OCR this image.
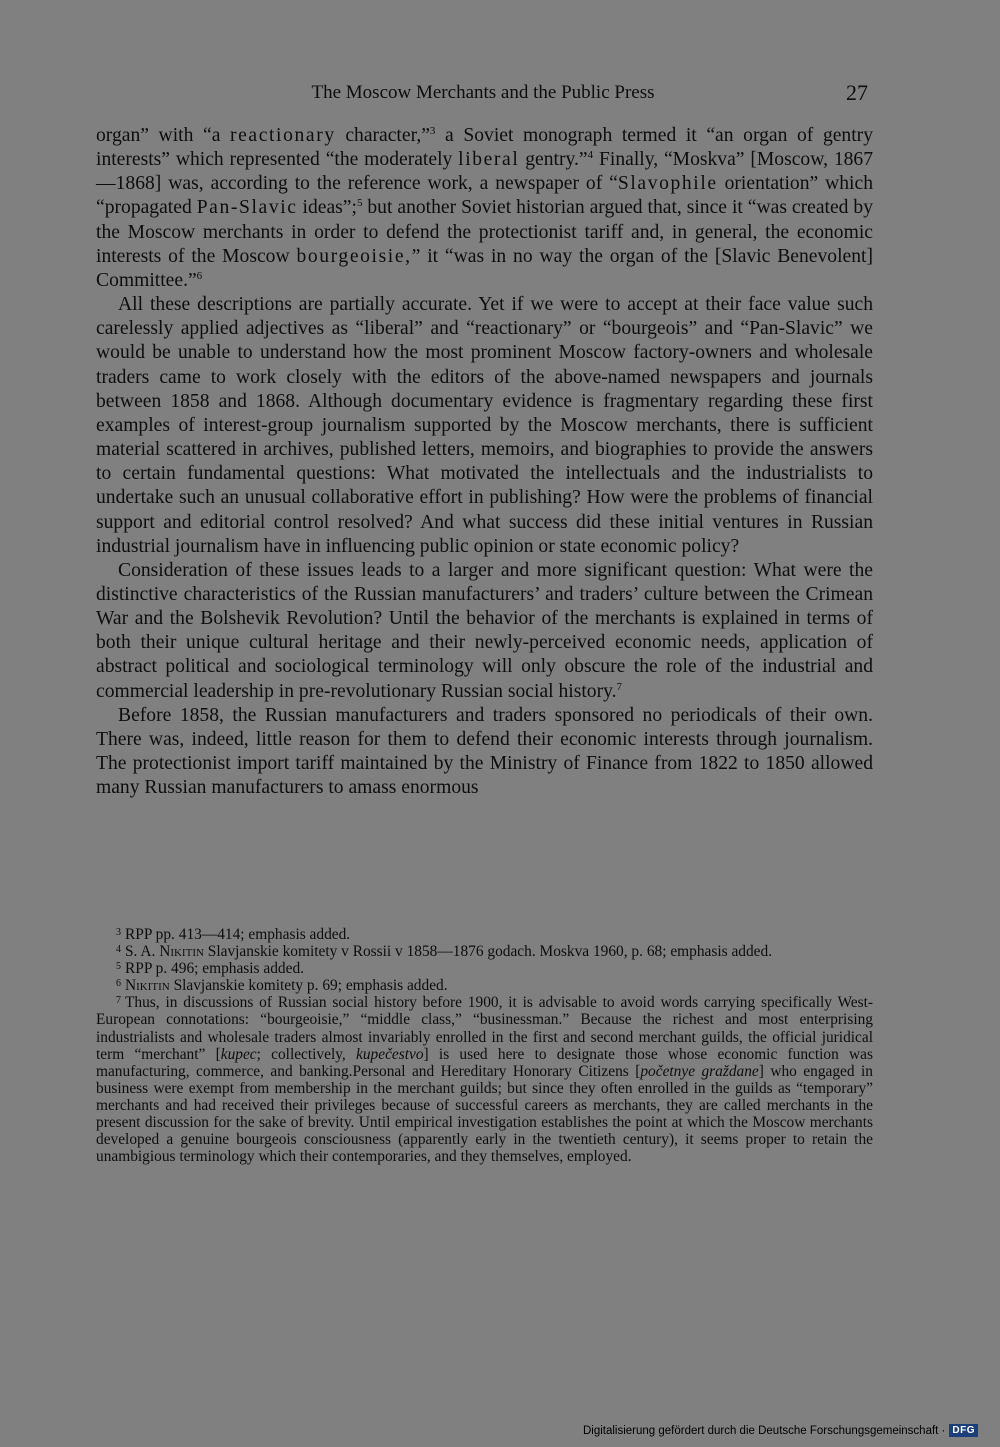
The Moscow Merchants and the Public Press	27

organ” with “a reactionary character,”$^3$ a Soviet monograph termed it “an organ of gentry interests” which represented “the moderately liberal gentry.”$^4$ Finally, “Moskva” [Moscow, 1867—1868] was, according to the reference work, a newspaper of “Slavophile orientation” which “propagated Pan-Slavic ideas”;$^5$ but another Soviet historian argued that, since it “was created by the Moscow merchants in order to defend the protectionist tariff and, in general, the economic interests of the Moscow bourgeoisie,” it “was in no way the organ of the [Slavic Benevolent] Committee.”$^6$

All these descriptions are partially accurate. Yet if we were to accept at their face value such carelessly applied adjectives as “liberal” and “reactionary” or “bourgeois” and “Pan-Slavic” we would be unable to understand how the most prominent Moscow factory-owners and wholesale traders came to work closely with the editors of the above-named newspapers and journals between 1858 and 1868. Although documentary evidence is fragmentary regarding these first examples of interest-group journalism supported by the Moscow merchants, there is sufficient material scattered in archives, published letters, memoirs, and biographies to provide the answers to certain fundamental questions: What motivated the intellectuals and the industrialists to undertake such an unusual collaborative effort in publishing? How were the problems of financial support and editorial control resolved? And what success did these initial ventures in Russian industrial journalism have in influencing public opinion or state economic policy?

Consideration of these issues leads to a larger and more significant question: What were the distinctive characteristics of the Russian manufacturers’ and traders’ culture between the Crimean War and the Bolshevik Revolution? Until the behavior of the merchants is explained in terms of both their unique cultural heritage and their newly-perceived economic needs, application of abstract political and sociological terminology will only obscure the role of the industrial and commercial leadership in pre-revolutionary Russian social history.$^7$

Before 1858, the Russian manufacturers and traders sponsored no periodicals of their own. There was, indeed, little reason for them to defend their economic interests through journalism. The protectionist import tariff maintained by the Ministry of Finance from 1822 to 1850 allowed many Russian manufacturers to amass enormous

$^3$ RPP pp. 413—414; emphasis added.

$^4$ S. A. Nikitin Slavjanskie komitety v Rossii v 1858—1876 godach. Moskva 1960, p. 68; emphasis added.

$^5$ RPP p. 496; emphasis added.

$^6$ Nikitin Slavjanskie komitety p. 69; emphasis added.

$^7$ Thus, in discussions of Russian social history before 1900, it is advisable to avoid words carrying specifically West-European connotations: “bourgeoisie,” “middle class,” “businessman.” Because the richest and most enterprising industrialists and wholesale traders almost invariably enrolled in the first and second merchant guilds, the official juridical term “merchant” [kupec; collectively, kupečestvo] is used here to designate those whose economic function was manufacturing, commerce, and banking.Personal and Hereditary Honorary Citizens [početnye graždane] who engaged in business were exempt from membership in the merchant guilds; but since they often enrolled in the guilds as “temporary” merchants and had received their privileges because of successful careers as merchants, they are called merchants in the present discussion for the sake of brevity. Until empirical investigation establishes the point at which the Moscow merchants developed a genuine bourgeois consciousness (apparently early in the twentieth century), it seems proper to retain the unambigious terminology which their contemporaries, and they themselves, employed.

Digitalisierung gefördert durch die Deutsche Forschungsgemeinschaft · DFG
